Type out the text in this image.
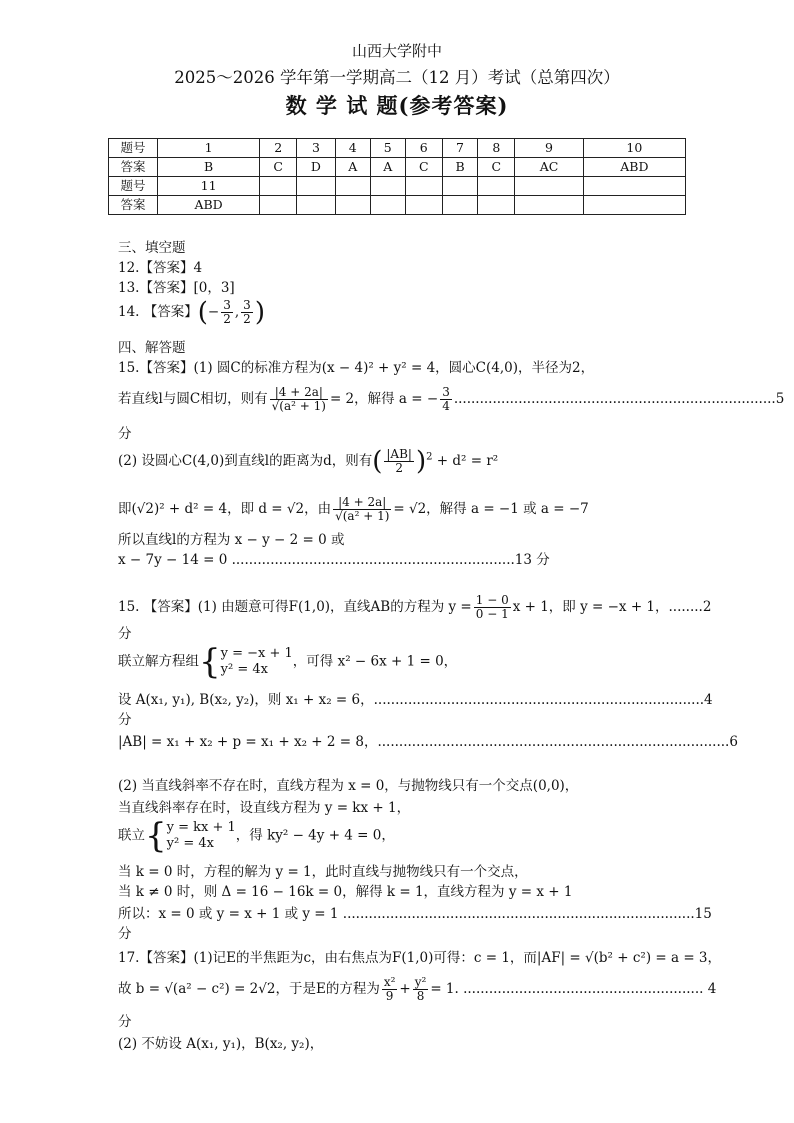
山西大学附中
2025～2026 学年第一学期高二（12 月）考试（总第四次）
数 学 试 题(参考答案)
题号	1	2	3	4	5	6	7	8	9	10
答案	B	C	D	A	A	C	B	C	AC	ABD
题号	11									
答案	ABD									
三、填空题
12.【答案】4
13.【答案】[0，3]
14. 【答案】(− $\frac{3}{2}$ , $\frac{3}{2}$ )
四、解答题
15.【答案】(1) 圆C的标准方程为(x − 4)² + y² = 4，圆心C(4,0)，半径为2，
若直线l与圆C相切，则有 $\frac{|4 + 2a|}{\text{√(a² + 1)}} = 2$，解得 a = − $\frac{3}{4} ...........................................................................5$
分
(2) 设圆心C(4,0)到直线l的距离为d，则有( $\frac{|AB|}{2} )^2 + d^2 = r^2$
即(√2)² + d² = 4，即 d = √2，由 $\frac{|4 + 2a|}{\text{√(a² + 1)}} = √2$，解得 a = −1 或 a = −7
所以直线l的方程为 x − y − 2 = 0 或
x − 7y − 14 = 0 ..................................................................13 分
15. 【答案】(1) 由题意可得F(1,0)，直线AB的方程为 $y = \frac{1 - 0}{0 - 1}$ x + 1，即 y = −x + 1，........2
分
联立解方程组{ y = −x + 1
y² = 4x	，可得 x² − 6x + 1 = 0，
设 A(x₁, y₁), B(x₂, y₂)，则 x₁ + x₂ = 6，.............................................................................4
分
|AB| = x₁ + x₂ + p = x₁ + x₂ + 2 = 8，..................................................................................6
(2) 当直线斜率不存在时，直线方程为 x = 0，与抛物线只有一个交点(0,0)，
当直线斜率存在时，设直线方程为 y = kx + 1，
联立{ y = kx + 1
y² = 4x	，得 ky² − 4y + 4 = 0，
当 k = 0 时，方程的解为 y = 1，此时直线与抛物线只有一个交点，
当 k ≠ 0 时，则 Δ = 16 − 16k = 0，解得 k = 1，直线方程为 y = x + 1
所以：x = 0 或 y = x + 1 或 y = 1 ..................................................................................15
分
17.【答案】(1)记E的半焦距为c，由右焦点为F(1,0)可得：c = 1，而|AF| = √(b² + c²) = a = 3，
故 b = √(a² − c²) = 2√2，于是E的方程为 $\frac{\text{x²}}{9} + \frac{\text{y²}}{8} = 1$. ........................................................ 4
分
(2) 不妨设 A(x₁, y₁)，B(x₂, y₂)，
